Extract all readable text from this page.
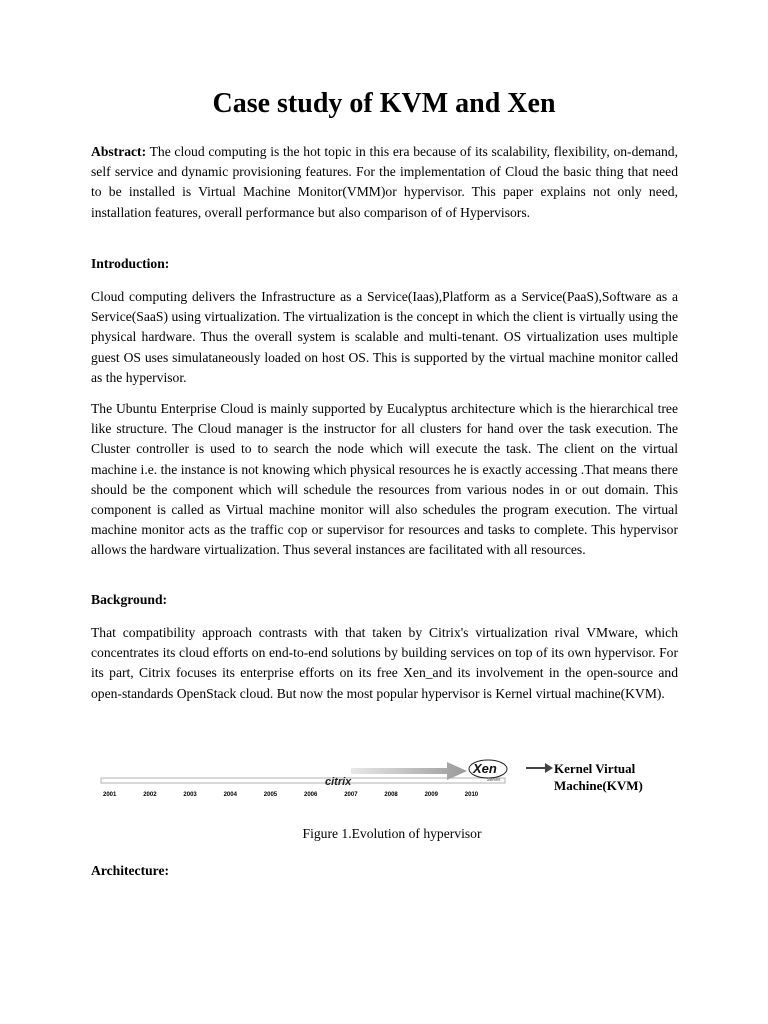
Case study of KVM and Xen

Abstract: The cloud computing is the hot topic in this era because of its scalability, flexibility, on-demand, self service and dynamic provisioning features. For the implementation of Cloud the basic thing that need to be installed is Virtual Machine Monitor(VMM)or hypervisor. This paper explains not only need, installation features, overall performance but also comparison of of Hypervisors.

Introduction:

Cloud computing delivers the Infrastructure as a Service(Iaas),Platform as a Service(PaaS),Software as a Service(SaaS) using virtualization. The virtualization is the concept in which the client is virtually using the physical hardware. Thus the overall system is scalable and multi-tenant. OS virtualization uses multiple guest OS uses simulataneously loaded on host OS. This is supported by the virtual machine monitor called as the hypervisor.

The Ubuntu Enterprise Cloud is mainly supported by Eucalyptus architecture which is the hierarchical tree like structure. The Cloud manager is the instructor for all clusters for hand over the task execution. The Cluster controller is used to to search the node which will execute the task. The client on the virtual machine i.e. the instance is not knowing which physical resources he is exactly accessing .That means there should be the component which will schedule the resources from various nodes in or out domain. This component is called as Virtual machine monitor will also schedules the program execution. The virtual machine monitor acts as the traffic cop or supervisor for resources and tasks to complete. This hypervisor allows the hardware virtualization. Thus several instances are facilitated with all resources.

Background:

That compatibility approach contrasts with that taken by Citrix's virtualization rival VMware, which concentrates its cloud efforts on end-to-end solutions by building services on top of its own hypervisor. For its part, Citrix focuses its enterprise efforts on its free Xen_and its involvement in the open-source and open-standards OpenStack cloud. But now the most popular hypervisor is Kernel virtual machine(KVM).

citrix
Xen
Server
2001	2002	2003	2004	2005	2006	2007	2008	2009	2010
Kernel Virtual
Machine(KVM)

Figure 1.Evolution of hypervisor

Architecture:
